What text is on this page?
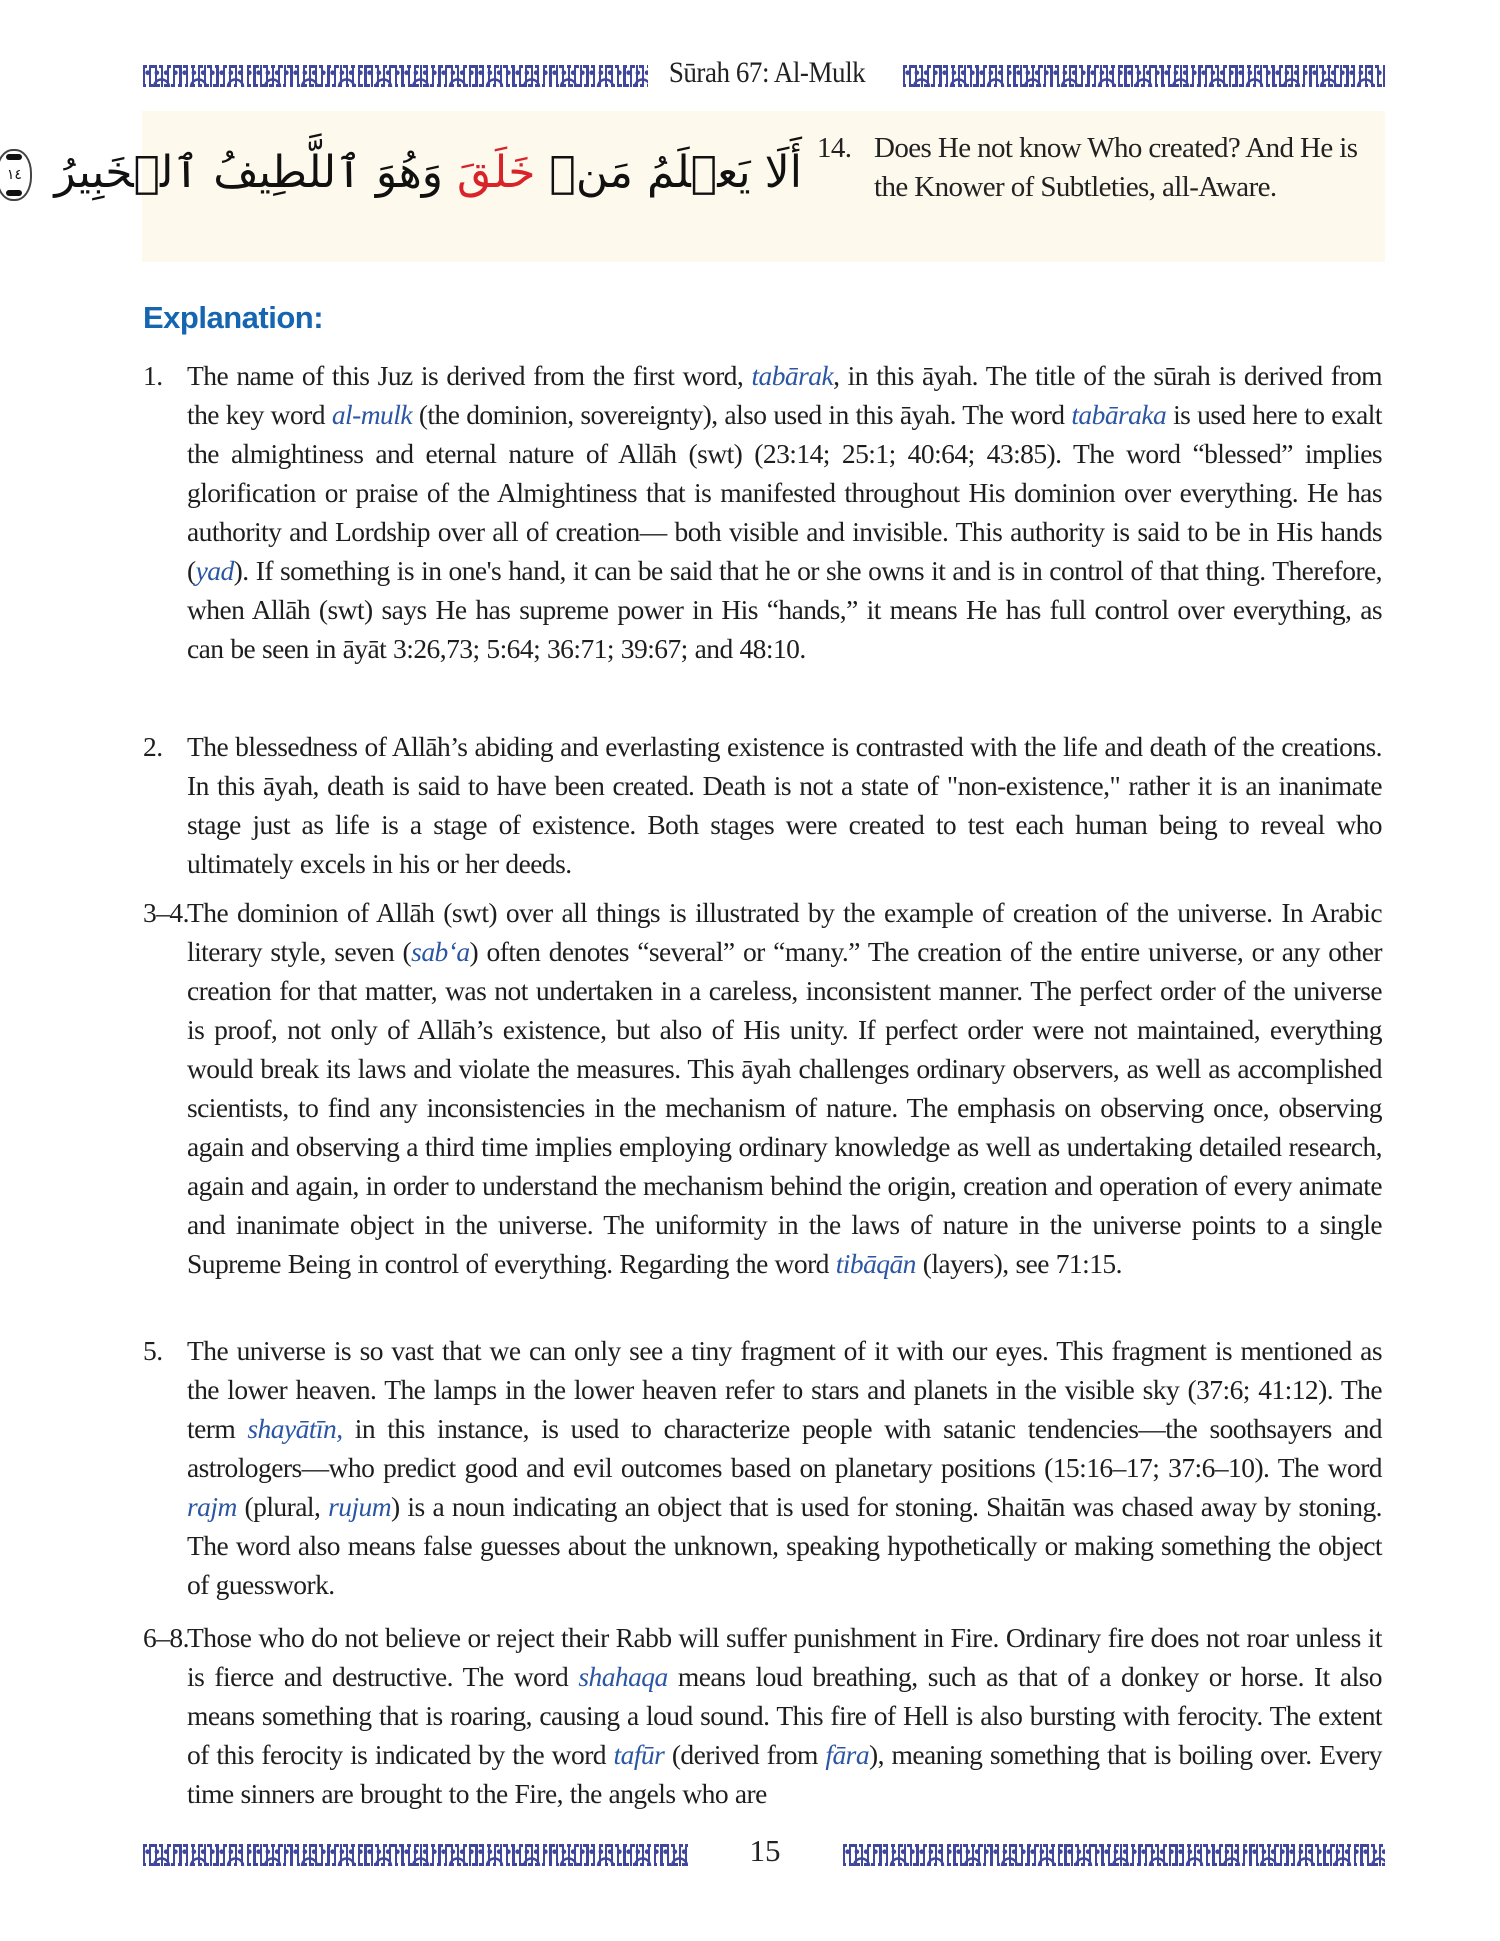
Sūrah 67: Al-Mulk
أَلَا يَعۡلَمُ مَنۡ خَلَقَ وَهُوَ ٱللَّطِيفُ ٱلۡخَبِيرُ ١٤
14. Does He not know Who created? And He is the Knower of Subtleties, all-Aware.
Explanation:
1. The name of this Juz is derived from the first word, tabārak, in this āyah. The title of the sūrah is derived from the key word al-mulk (the dominion, sovereignty), also used in this āyah. The word tabāraka is used here to exalt the almightiness and eternal nature of Allāh (swt) (23:14; 25:1; 40:64; 43:85). The word “blessed” implies glorification or praise of the Almightiness that is manifested throughout His dominion over everything. He has authority and Lordship over all of creation— both visible and invisible. This authority is said to be in His hands (yad). If something is in one's hand, it can be said that he or she owns it and is in control of that thing. Therefore, when Allāh (swt) says He has supreme power in His “hands,” it means He has full control over everything, as can be seen in āyāt 3:26,73; 5:64; 36:71; 39:67; and 48:10.
2. The blessedness of Allāh’s abiding and everlasting existence is contrasted with the life and death of the creations. In this āyah, death is said to have been created. Death is not a state of "non-existence," rather it is an inanimate stage just as life is a stage of existence. Both stages were created to test each human being to reveal who ultimately excels in his or her deeds.
3–4.
The dominion of Allāh (swt) over all things is illustrated by the example of creation of the universe. In Arabic literary style, seven (sab‘a) often denotes “several” or “many.” The creation of the entire universe, or any other creation for that matter, was not undertaken in a careless, inconsistent manner. The perfect order of the universe is proof, not only of Allāh’s existence, but also of His unity. If perfect order were not maintained, everything would break its laws and violate the measures. This āyah challenges ordinary observers, as well as accomplished scientists, to find any inconsistencies in the mechanism of nature. The emphasis on observing once, observing again and observing a third time implies employing ordinary knowledge as well as undertaking detailed research, again and again, in order to understand the mechanism behind the origin, creation and operation of every animate and inanimate object in the universe. The uniformity in the laws of nature in the universe points to a single Supreme Being in control of everything. Regarding the word tibāqān (layers), see 71:15.
5. The universe is so vast that we can only see a tiny fragment of it with our eyes. This fragment is mentioned as the lower heaven. The lamps in the lower heaven refer to stars and planets in the visible sky (37:6; 41:12). The term shayātīn, in this instance, is used to characterize people with satanic tendencies—the soothsayers and astrologers—who predict good and evil outcomes based on planetary positions (15:16–17; 37:6–10). The word rajm (plural, rujum) is a noun indicating an object that is used for stoning. Shaitān was chased away by stoning. The word also means false guesses about the unknown, speaking hypothetically or making something the object of guesswork.
6–8.
Those who do not believe or reject their Rabb will suffer punishment in Fire. Ordinary fire does not roar unless it is fierce and destructive. The word shahaqa means loud breathing, such as that of a donkey or horse. It also means something that is roaring, causing a loud sound. This fire of Hell is also bursting with ferocity. The extent of this ferocity is indicated by the word tafūr (derived from fāra), meaning something that is boiling over. Every time sinners are brought to the Fire, the angels who are
15
